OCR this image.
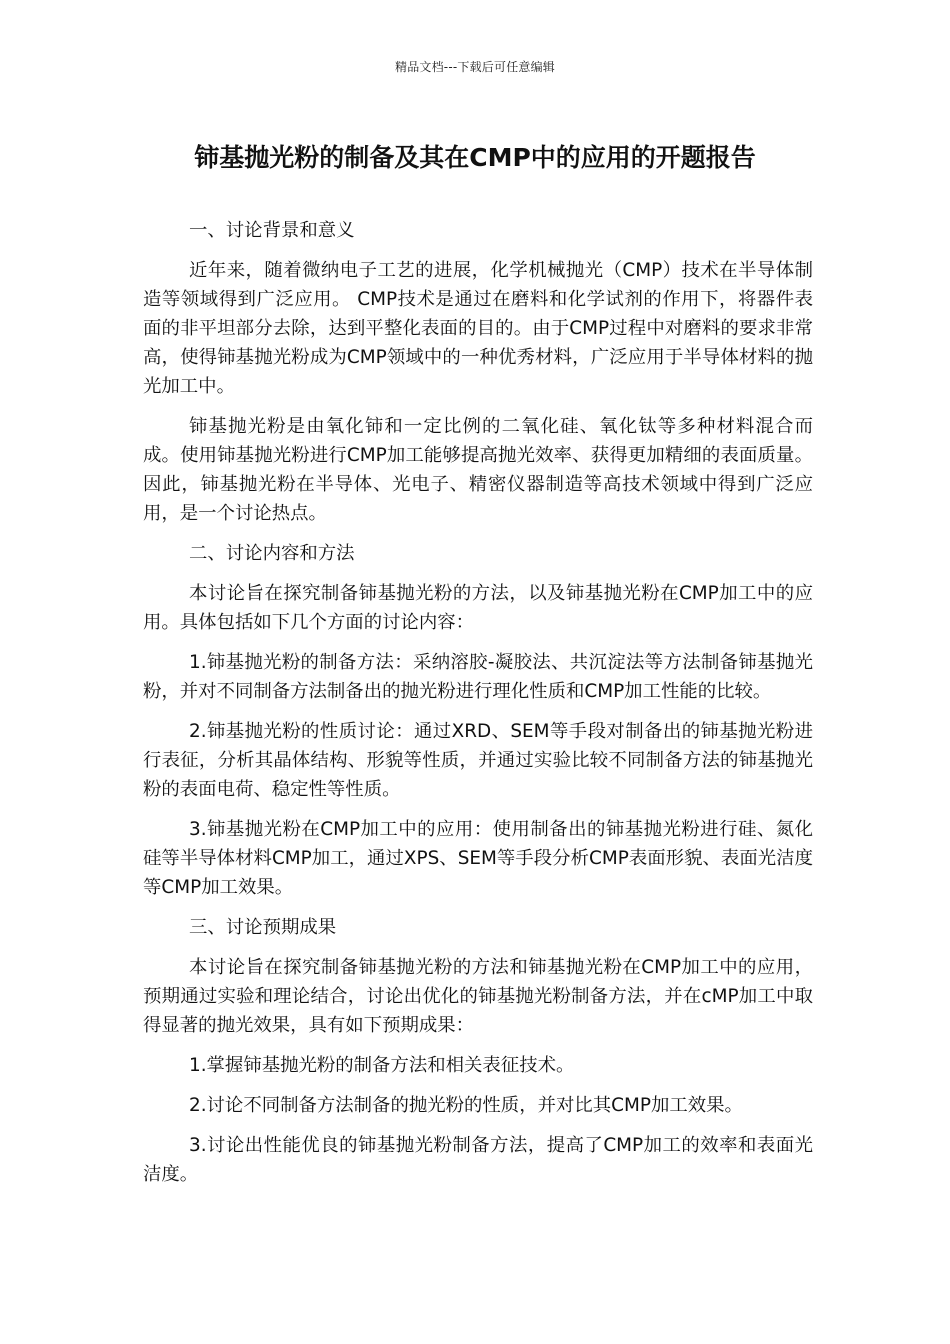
精品文档---下载后可任意编辑
铈基抛光粉的制备及其在CMP中的应用的开题报告

一、讨论背景和意义

近年来，随着微纳电子工艺的进展，化学机械抛光（CMP）技术在半导体制造等领域得到广泛应用。 CMP技术是通过在磨料和化学试剂的作用下，将器件表面的非平坦部分去除，达到平整化表面的目的。由于CMP过程中对磨料的要求非常高，使得铈基抛光粉成为CMP领域中的一种优秀材料，广泛应用于半导体材料的抛光加工中。

铈基抛光粉是由氧化铈和一定比例的二氧化硅、氧化钛等多种材料混合而成。使用铈基抛光粉进行CMP加工能够提高抛光效率、获得更加精细的表面质量。因此，铈基抛光粉在半导体、光电子、精密仪器制造等高技术领域中得到广泛应用，是一个讨论热点。

二、讨论内容和方法

本讨论旨在探究制备铈基抛光粉的方法，以及铈基抛光粉在CMP加工中的应用。具体包括如下几个方面的讨论内容：

1.铈基抛光粉的制备方法：采纳溶胶-凝胶法、共沉淀法等方法制备铈基抛光粉，并对不同制备方法制备出的抛光粉进行理化性质和CMP加工性能的比较。

2.铈基抛光粉的性质讨论：通过XRD、SEM等手段对制备出的铈基抛光粉进行表征，分析其晶体结构、形貌等性质，并通过实验比较不同制备方法的铈基抛光粉的表面电荷、稳定性等性质。

3.铈基抛光粉在CMP加工中的应用：使用制备出的铈基抛光粉进行硅、氮化硅等半导体材料CMP加工，通过XPS、SEM等手段分析CMP表面形貌、表面光洁度等CMP加工效果。

三、讨论预期成果

本讨论旨在探究制备铈基抛光粉的方法和铈基抛光粉在CMP加工中的应用，预期通过实验和理论结合，讨论出优化的铈基抛光粉制备方法，并在cMP加工中取得显著的抛光效果，具有如下预期成果：

1.掌握铈基抛光粉的制备方法和相关表征技术。

2.讨论不同制备方法制备的抛光粉的性质，并对比其CMP加工效果。

3.讨论出性能优良的铈基抛光粉制备方法，提高了CMP加工的效率和表面光洁度。
